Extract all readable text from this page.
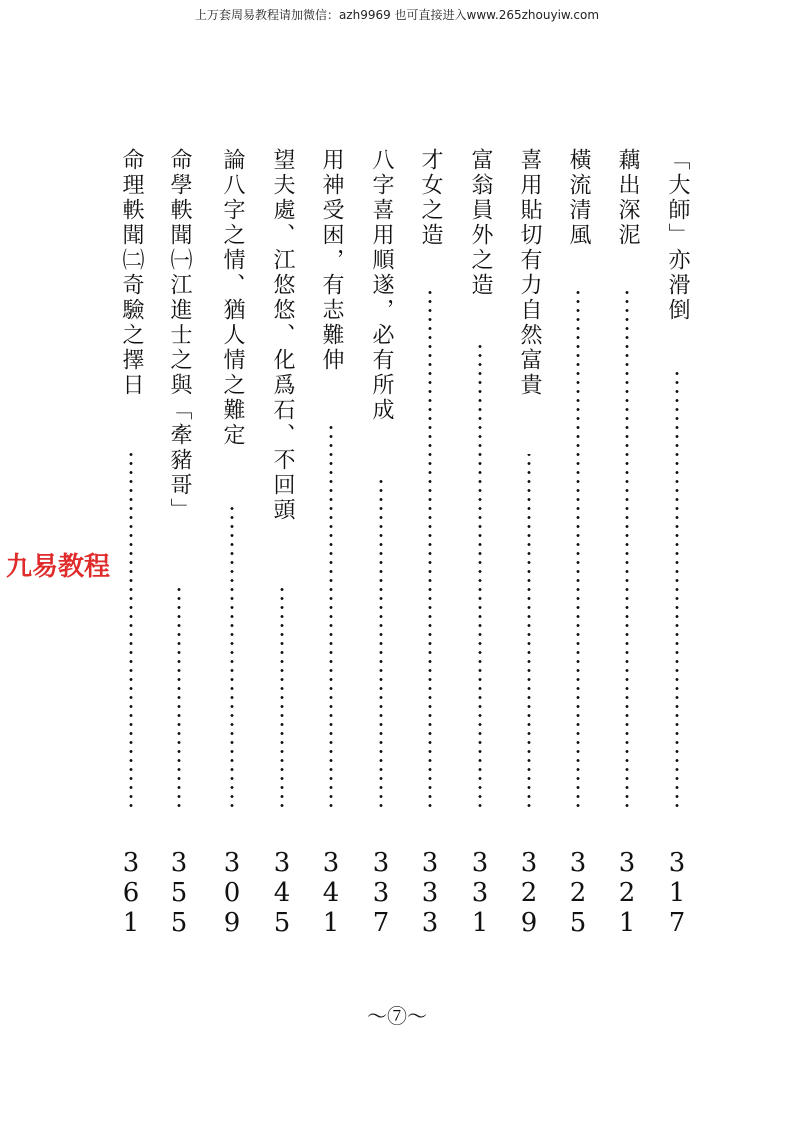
上万套周易教程请加微信：azh9969 也可直接进入www.265zhouyiw.com
九易教程
「大師」亦滑倒
317
藕出深泥
321
橫流清風
325
喜用貼切有力自然富貴
329
富翁員外之造
331
才女之造
333
八字喜用順遂，必有所成
337
用神受困，有志難伸
341
望夫處、江悠悠、化爲石、不回頭
345
論八字之情、猶人情之難定
309
命學軼聞㈠江進士之與「牽豬哥」
355
命理軼聞㈡奇驗之擇日
361
～⑦～
